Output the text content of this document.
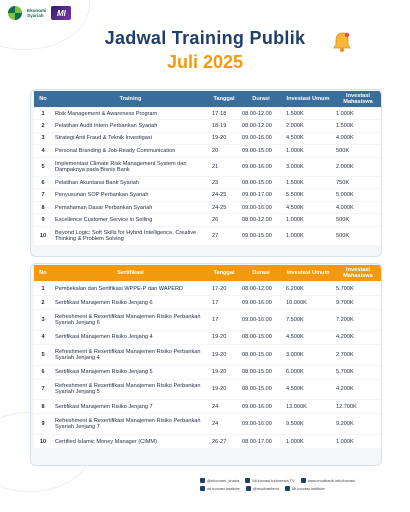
Ekonomi
Syariah	MI
Jadwal Training Publik
Juli 2025
No	Training	Tanggal	Durasi	Investasi Umum	Investasi Mahasiswa
1	Risk Management & Awareness Program	17-18	08.00-12.00	1.500K	1.000K
2	Pelatihan Audit Intern Perbankan Syariah	18-19	08.00-12.00	2.000K	1.500K
3	Strategi Anti Fraud & Teknik Investigasi	19-20	09.00-16.00	4.500K	4.000K
4	Personal Branding & Job-Ready Communication	20	09.00-15.00	1.000K	500K
5	Implementasi Climate Risk Management System dan Dampaknya pada Bisnis Bank	21	09.00-16.00	3.000K	2.000K
6	Pelatihan Akuntansi Bank Syariah	23	08.00-15.00	1.500K	750K
7	Penyusunan SOP Perbankan Syariah	24-25	09.00-17.00	5.500K	5.000K
8	Pemahaman Dasar Perbankan Syariah	24-25	09.00-16.00	4.500K	4.000K
9	Excellence Customer Service in Selling	26	08.00-12.00	1.000K	500K
10	Beyond Logic: Soft Skills for Hybrid Intelligence, Creative Thinking & Problem Solving	27	09.00-15.00	1.000K	500K
No	Sertifikasi	Tanggal	Durasi	Investasi Umum	Investasi Mahasiswa
1	Pembekalan dan Sertifikasi WPPE-P dan WAPERD	17-20	08.00-12.00	6.200K	5.700K
2	Sertifikasi Manajemen Risiko Jenjang 6	17	09.00-16.00	10.000K	9.700K
3	Refreshment & Resertifikasi Manajemen Risiko Perbankan Syariah Jenjang 6	17	09.00-16.00	7.500K	7.200K
4	Sertifikasi Manajemen Risiko Jenjang 4	19-20	08.00-15.00	4.500K	4.200K
5	Refreshment & Resertifikasi Manajemen Risiko Perbankan Syariah Jenjang 4	19-20	08.00-15.00	3.000K	2.700K
6	Sertifikasi Manajemen Risiko Jenjang 5	19-20	08.00-15.00	6.000K	5.700K
7	Refreshment & Resertifikasi Manajemen Risiko Perbankan Syariah Jenjang 5	19-20	08.00-15.00	4.500K	4.200K
8	Sertifikasi Manajemen Risiko Jenjang 7	24	09.00-16.00	13.000K	12.700K
9	Refreshment & Resertifikasi Manajemen Risiko Perbankan Syariah Jenjang 7	24	09.00-16.00	9.500K	9.200K
10	Certified Islamic Money Manager (CIMM)	26-27	08.00-17.00	1.000K	1.000K
@ekonomi_sharia	Mi.inovasi Indonesia TV	www.mudharib.info/inovasi
mi.inovasi.institute	@mudharibmu	Mi.inovasi.institute
